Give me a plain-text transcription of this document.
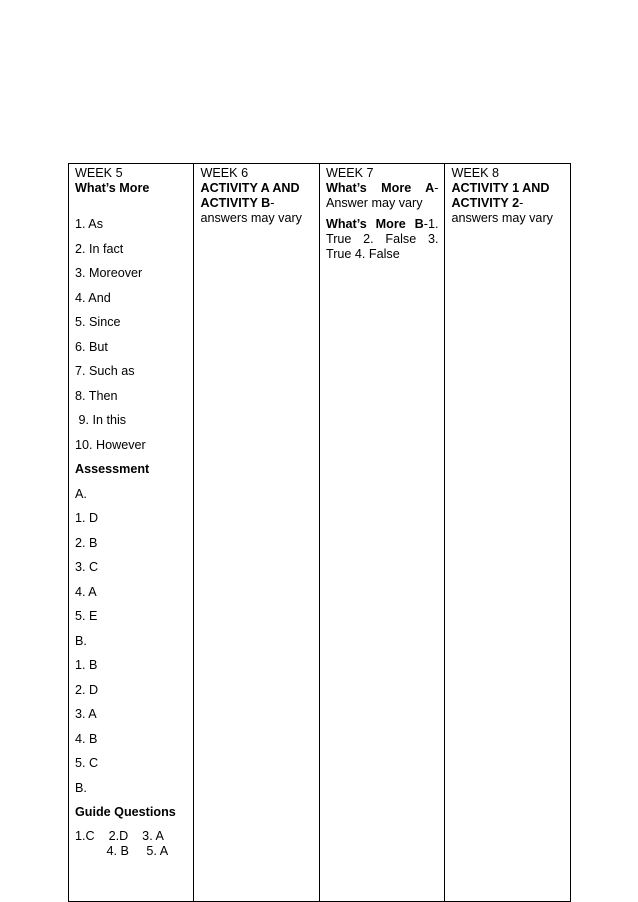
WEEK 5
What’s More
1. As
2. In fact
3. Moreover
4. And
5. Since
6. But
7. Such as
8. Then
9. In this
10. However
Assessment
A.
1. D
2. B
3. C
4. A
5. E
B.
1. B
2. D
3. A
4. B
5. C
B.
Guide Questions
1.C    2.D    3. A
4. B     5. A

WEEK 6
ACTIVITY A AND
ACTIVITY B-
answers may vary

WEEK 7
What’s More A-
Answer may vary
What’s More B-1.
True 2. False 3.
True 4. False

WEEK 8
ACTIVITY 1 AND
ACTIVITY 2-
answers may vary
